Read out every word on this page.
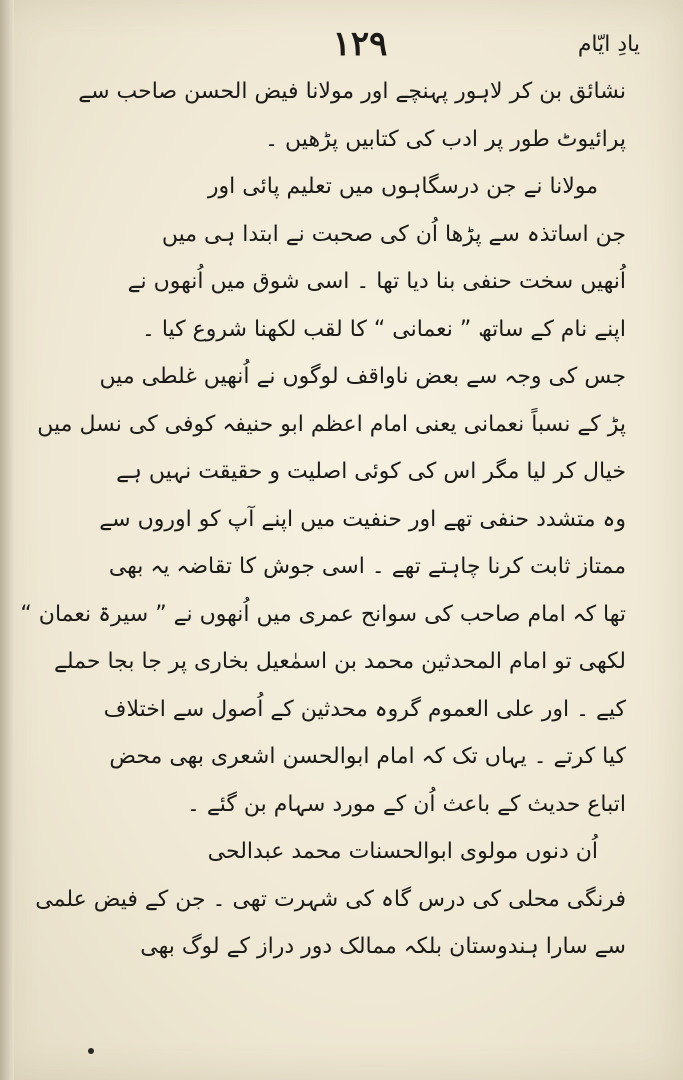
١٢٩	یادِ ایّام
نشائق بن کر لاہور پہنچے اور مولانا فیض الحسن صاحب سے
پرائیوٹ طور پر ادب کی کتابیں پڑھیں ۔
مولانا نے جن درسگاہوں میں تعلیم پائی اور
جن اساتذہ سے پڑھا اُن کی صحبت نے ابتدا ہی میں
اُنھیں سخت حنفی بنا دیا تھا ۔ اسی شوق میں اُنھوں نے
اپنے نام کے ساتھ ” نعمانی “ کا لقب لکھنا شروع کیا ۔
جس کی وجہ سے بعض ناواقف لوگوں نے اُنھیں غلطی میں
پڑ کے نسباً نعمانی یعنی امام اعظم ابو حنیفہ کوفی کی نسل میں
خیال کر لیا مگر اس کی کوئی اصلیت و حقیقت نہیں ہے
وہ متشدد حنفی تھے اور حنفیت میں اپنے آپ کو اوروں سے
ممتاز ثابت کرنا چاہتے تھے ۔ اسی جوش کا تقاضہ یہ بھی
تھا کہ امام صاحب کی سوانح عمری میں اُنھوں نے ” سیرۃ نعمان “
لکھی تو امام المحدثین محمد بن اسمٰعیل بخاری پر جا بجا حملے
کیے ۔ اور علی العموم گروہ محدثین کے اُصول سے اختلاف
کیا کرتے ۔ یہاں تک کہ امام ابوالحسن اشعری بھی محض
اتباع حدیث کے باعث اُن کے مورد سہام بن گئے ۔
اُن دنوں مولوی ابوالحسنات محمد عبدالحی
فرنگی محلی کی درس گاہ کی شہرت تھی ۔ جن کے فیض علمی
سے سارا ہندوستان بلکہ ممالک دور دراز کے لوگ بھی
